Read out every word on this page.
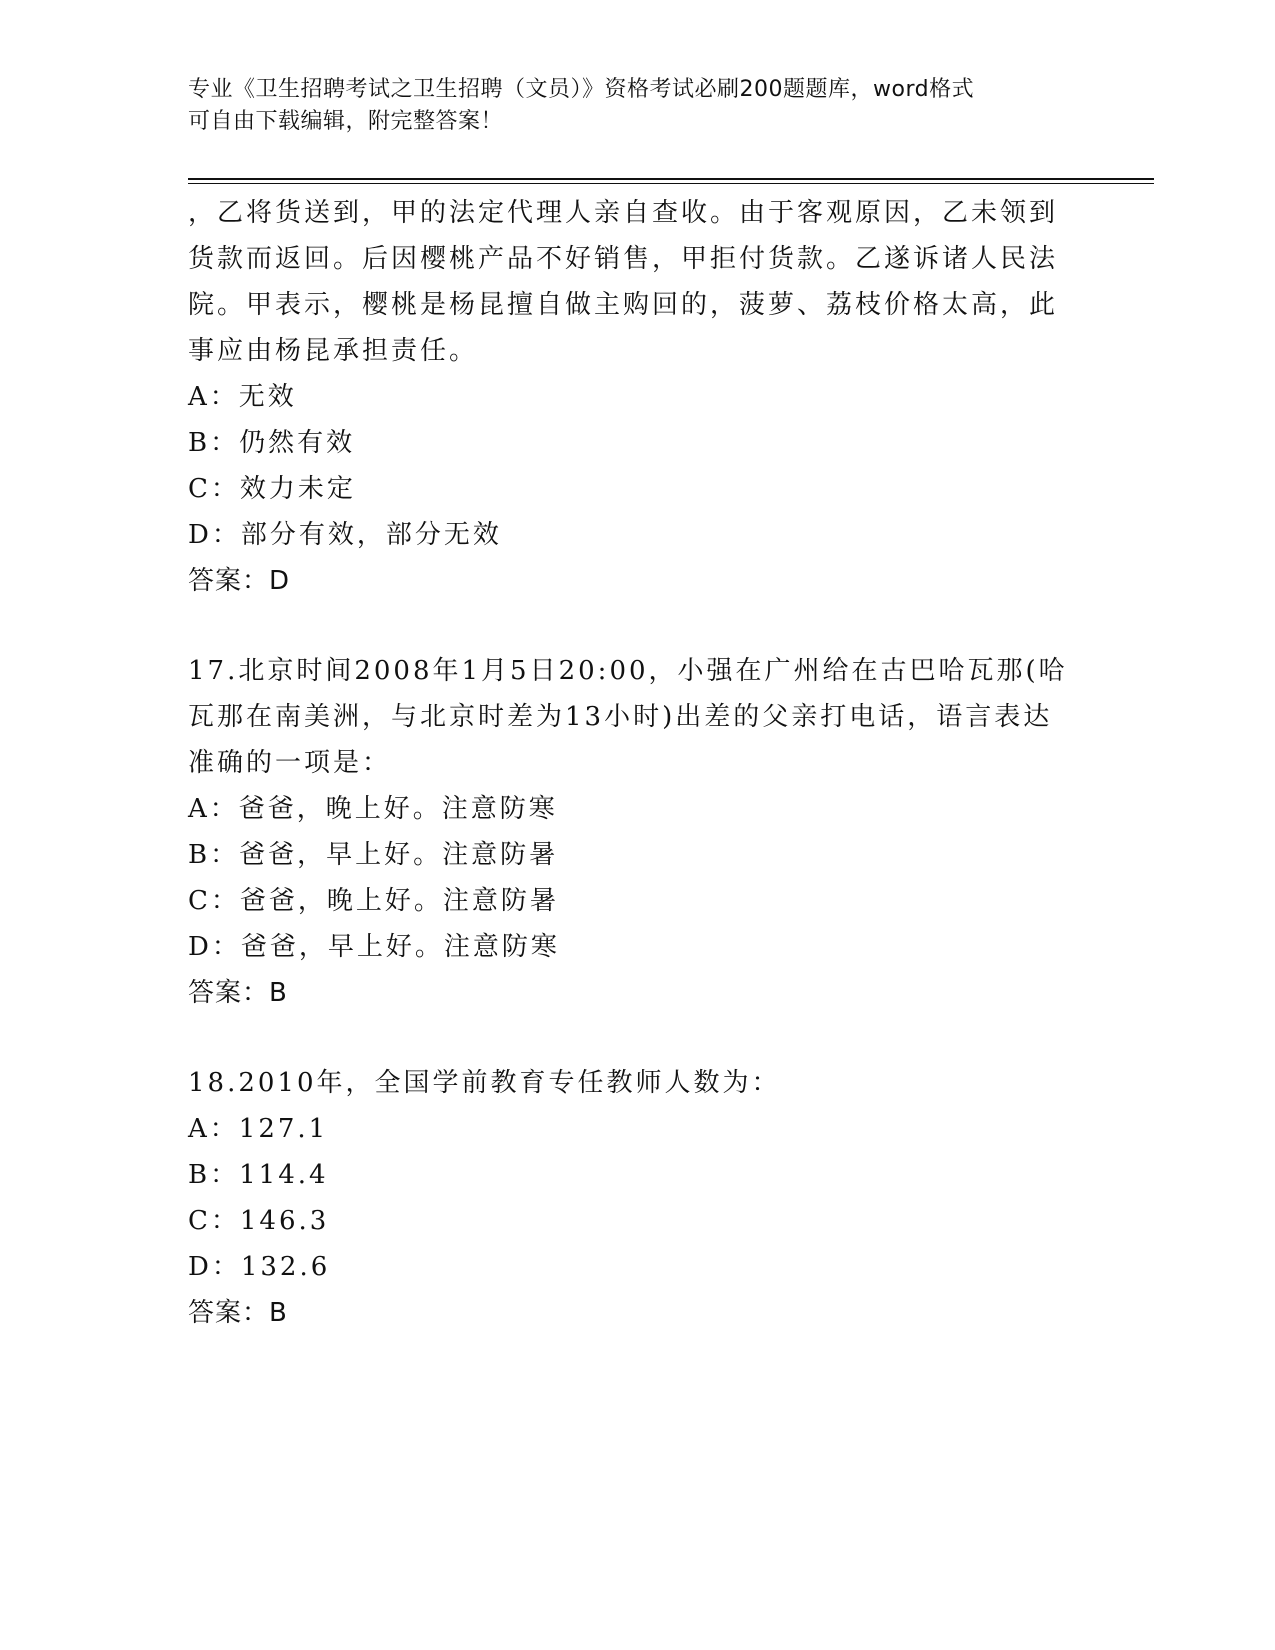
专业《卫生招聘考试之卫生招聘（文员）》资格考试必刷200题题库，word格式
可自由下载编辑，附完整答案！

，乙将货送到，甲的法定代理人亲自查收。由于客观原因，乙未领到

货款而返回。后因樱桃产品不好销售，甲拒付货款。乙遂诉诸人民法

院。甲表示，樱桃是杨昆擅自做主购回的，菠萝、荔枝价格太高，此

事应由杨昆承担责任。

A：无效

B：仍然有效

C：效力未定

D：部分有效，部分无效

答案：D

17.北京时间2008年1月5日20:00，小强在广州给在古巴哈瓦那(哈

瓦那在南美洲，与北京时差为13小时)出差的父亲打电话，语言表达

准确的一项是：

A：爸爸，晚上好。注意防寒

B：爸爸，早上好。注意防暑

C：爸爸，晚上好。注意防暑

D：爸爸，早上好。注意防寒

答案：B

18.2010年，全国学前教育专任教师人数为：

A：127.1

B：114.4

C：146.3

D：132.6

答案：B
